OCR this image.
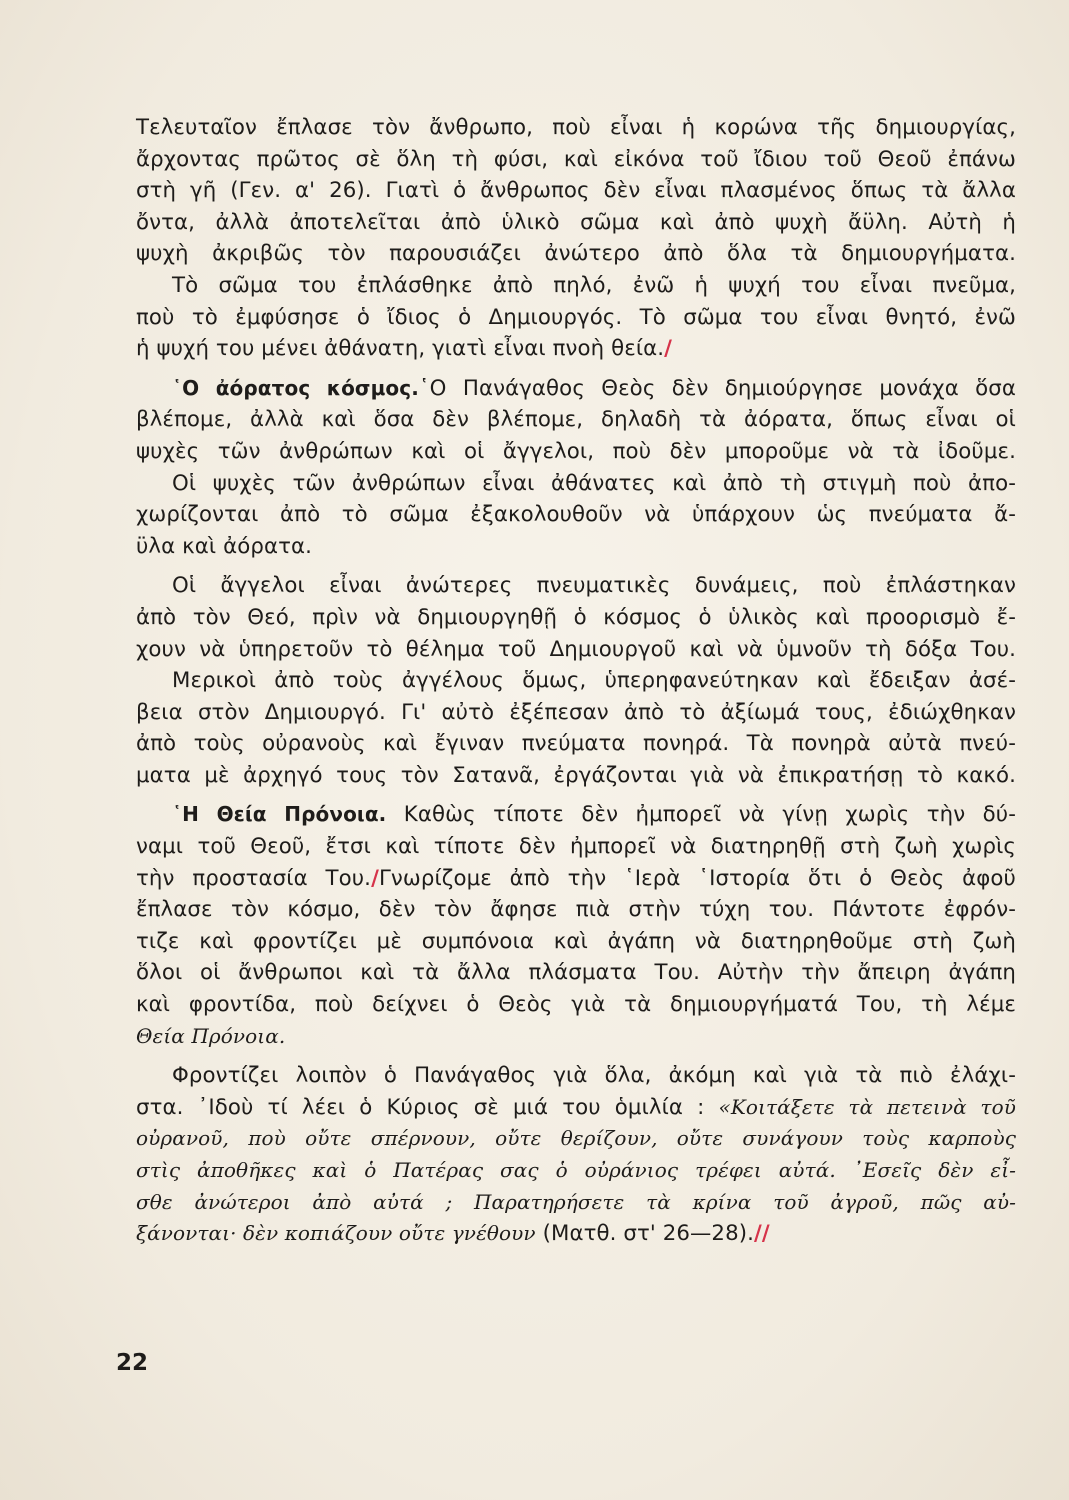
Τελευταῖον ἔπλασε τὸν ἄνθρωπο, ποὺ εἶναι ἡ κορώνα τῆς δημιουργίας,
ἄρχοντας πρῶτος σὲ ὅλη τὴ φύσι, καὶ εἰκόνα τοῦ ἴδιου τοῦ Θεοῦ ἐπάνω
στὴ γῆ (Γεν. α' 26). Γιατὶ ὁ ἄνθρωπος δὲν εἶναι πλασμένος ὅπως τὰ ἄλλα
ὄντα, ἀλλὰ ἀποτελεῖται ἀπὸ ὑλικὸ σῶμα καὶ ἀπὸ ψυχὴ ἄϋλη. Αὐτὴ ἡ
ψυχὴ ἀκριβῶς τὸν παρουσιάζει ἀνώτερο ἀπὸ ὅλα τὰ δημιουργήματα.
Τὸ σῶμα του ἐπλάσθηκε ἀπὸ πηλό, ἐνῶ ἡ ψυχή του εἶναι πνεῦμα,
ποὺ τὸ ἐμφύσησε ὁ ἴδιος ὁ Δημιουργός. Τὸ σῶμα του εἶναι θνητό, ἐνῶ
ἡ ψυχή του μένει ἀθάνατη, γιατὶ εἶναι πνοὴ θεία./
῾Ο ἀόρατος κόσμος.῾Ο Πανάγαθος Θεὸς δὲν δημιούργησε μονάχα ὅσα
βλέπομε, ἀλλὰ καὶ ὅσα δὲν βλέπομε, δηλαδὴ τὰ ἀόρατα, ὅπως εἶναι οἱ
ψυχὲς τῶν ἀνθρώπων καὶ οἱ ἄγγελοι, ποὺ δὲν μποροῦμε νὰ τὰ ἰδοῦμε.
Οἱ ψυχὲς τῶν ἀνθρώπων εἶναι ἀθάνατες καὶ ἀπὸ τὴ στιγμὴ ποὺ ἀπο-
χωρίζονται ἀπὸ τὸ σῶμα ἐξακολουθοῦν νὰ ὑπάρχουν ὡς πνεύματα ἄ-
ϋλα καὶ ἀόρατα.
Οἱ ἄγγελοι εἶναι ἀνώτερες πνευματικὲς δυνάμεις, ποὺ ἐπλάστηκαν
ἀπὸ τὸν Θεό, πρὶν νὰ δημιουργηθῇ ὁ κόσμος ὁ ὑλικὸς καὶ προορισμὸ ἔ-
χουν νὰ ὑπηρετοῦν τὸ θέλημα τοῦ Δημιουργοῦ καὶ νὰ ὑμνοῦν τὴ δόξα Του.
Μερικοὶ ἀπὸ τοὺς ἀγγέλους ὅμως, ὑπερηφανεύτηκαν καὶ ἔδειξαν ἀσέ-
βεια στὸν Δημιουργό. Γι' αὐτὸ ἐξέπεσαν ἀπὸ τὸ ἀξίωμά τους, ἐδιώχθηκαν
ἀπὸ τοὺς οὐρανοὺς καὶ ἔγιναν πνεύματα πονηρά. Τὰ πονηρὰ αὐτὰ πνεύ-
ματα μὲ ἀρχηγό τους τὸν Σατανᾶ, ἐργάζονται γιὰ νὰ ἐπικρατήσῃ τὸ κακό.
῾Η Θεία Πρόνοια. Καθὼς τίποτε δὲν ἠμπορεῖ νὰ γίνῃ χωρὶς τὴν δύ-
ναμι τοῦ Θεοῦ, ἔτσι καὶ τίποτε δὲν ἠμπορεῖ νὰ διατηρηθῇ στὴ ζωὴ χωρὶς
τὴν προστασία Του./Γνωρίζομε ἀπὸ τὴν ῾Ιερὰ ῾Ιστορία ὅτι ὁ Θεὸς ἀφοῦ
ἔπλασε τὸν κόσμο, δὲν τὸν ἄφησε πιὰ στὴν τύχη του. Πάντοτε ἐφρόν-
τιζε καὶ φροντίζει μὲ συμπόνοια καὶ ἀγάπη νὰ διατηρηθοῦμε στὴ ζωὴ
ὅλοι οἱ ἄνθρωποι καὶ τὰ ἄλλα πλάσματα Του. Αὐτὴν τὴν ἄπειρη ἀγάπη
καὶ φροντίδα, ποὺ δείχνει ὁ Θεὸς γιὰ τὰ δημιουργήματά Του, τὴ λέμε
Θεία Πρόνοια.
Φροντίζει λοιπὸν ὁ Πανάγαθος γιὰ ὅλα, ἀκόμη καὶ γιὰ τὰ πιὸ ἐλάχι-
στα. ᾿Ιδοὺ τί λέει ὁ Κύριος σὲ μιά του ὁμιλία : «Κοιτάξετε τὰ πετεινὰ τοῦ
οὐρανοῦ, ποὺ οὔτε σπέρνουν, οὔτε θερίζουν, οὔτε συνάγουν τοὺς καρποὺς
στὶς ἀποθῆκες καὶ ὁ Πατέρας σας ὁ οὐράνιος τρέφει αὐτά. ᾿Εσεῖς δὲν εἶ-
σθε ἀνώτεροι ἀπὸ αὐτά ; Παρατηρήσετε τὰ κρίνα τοῦ ἀγροῦ, πῶς αὐ-
ξάνονται· δὲν κοπιάζουν οὔτε γνέθουν (Ματθ. στ' 26—28).//
22
